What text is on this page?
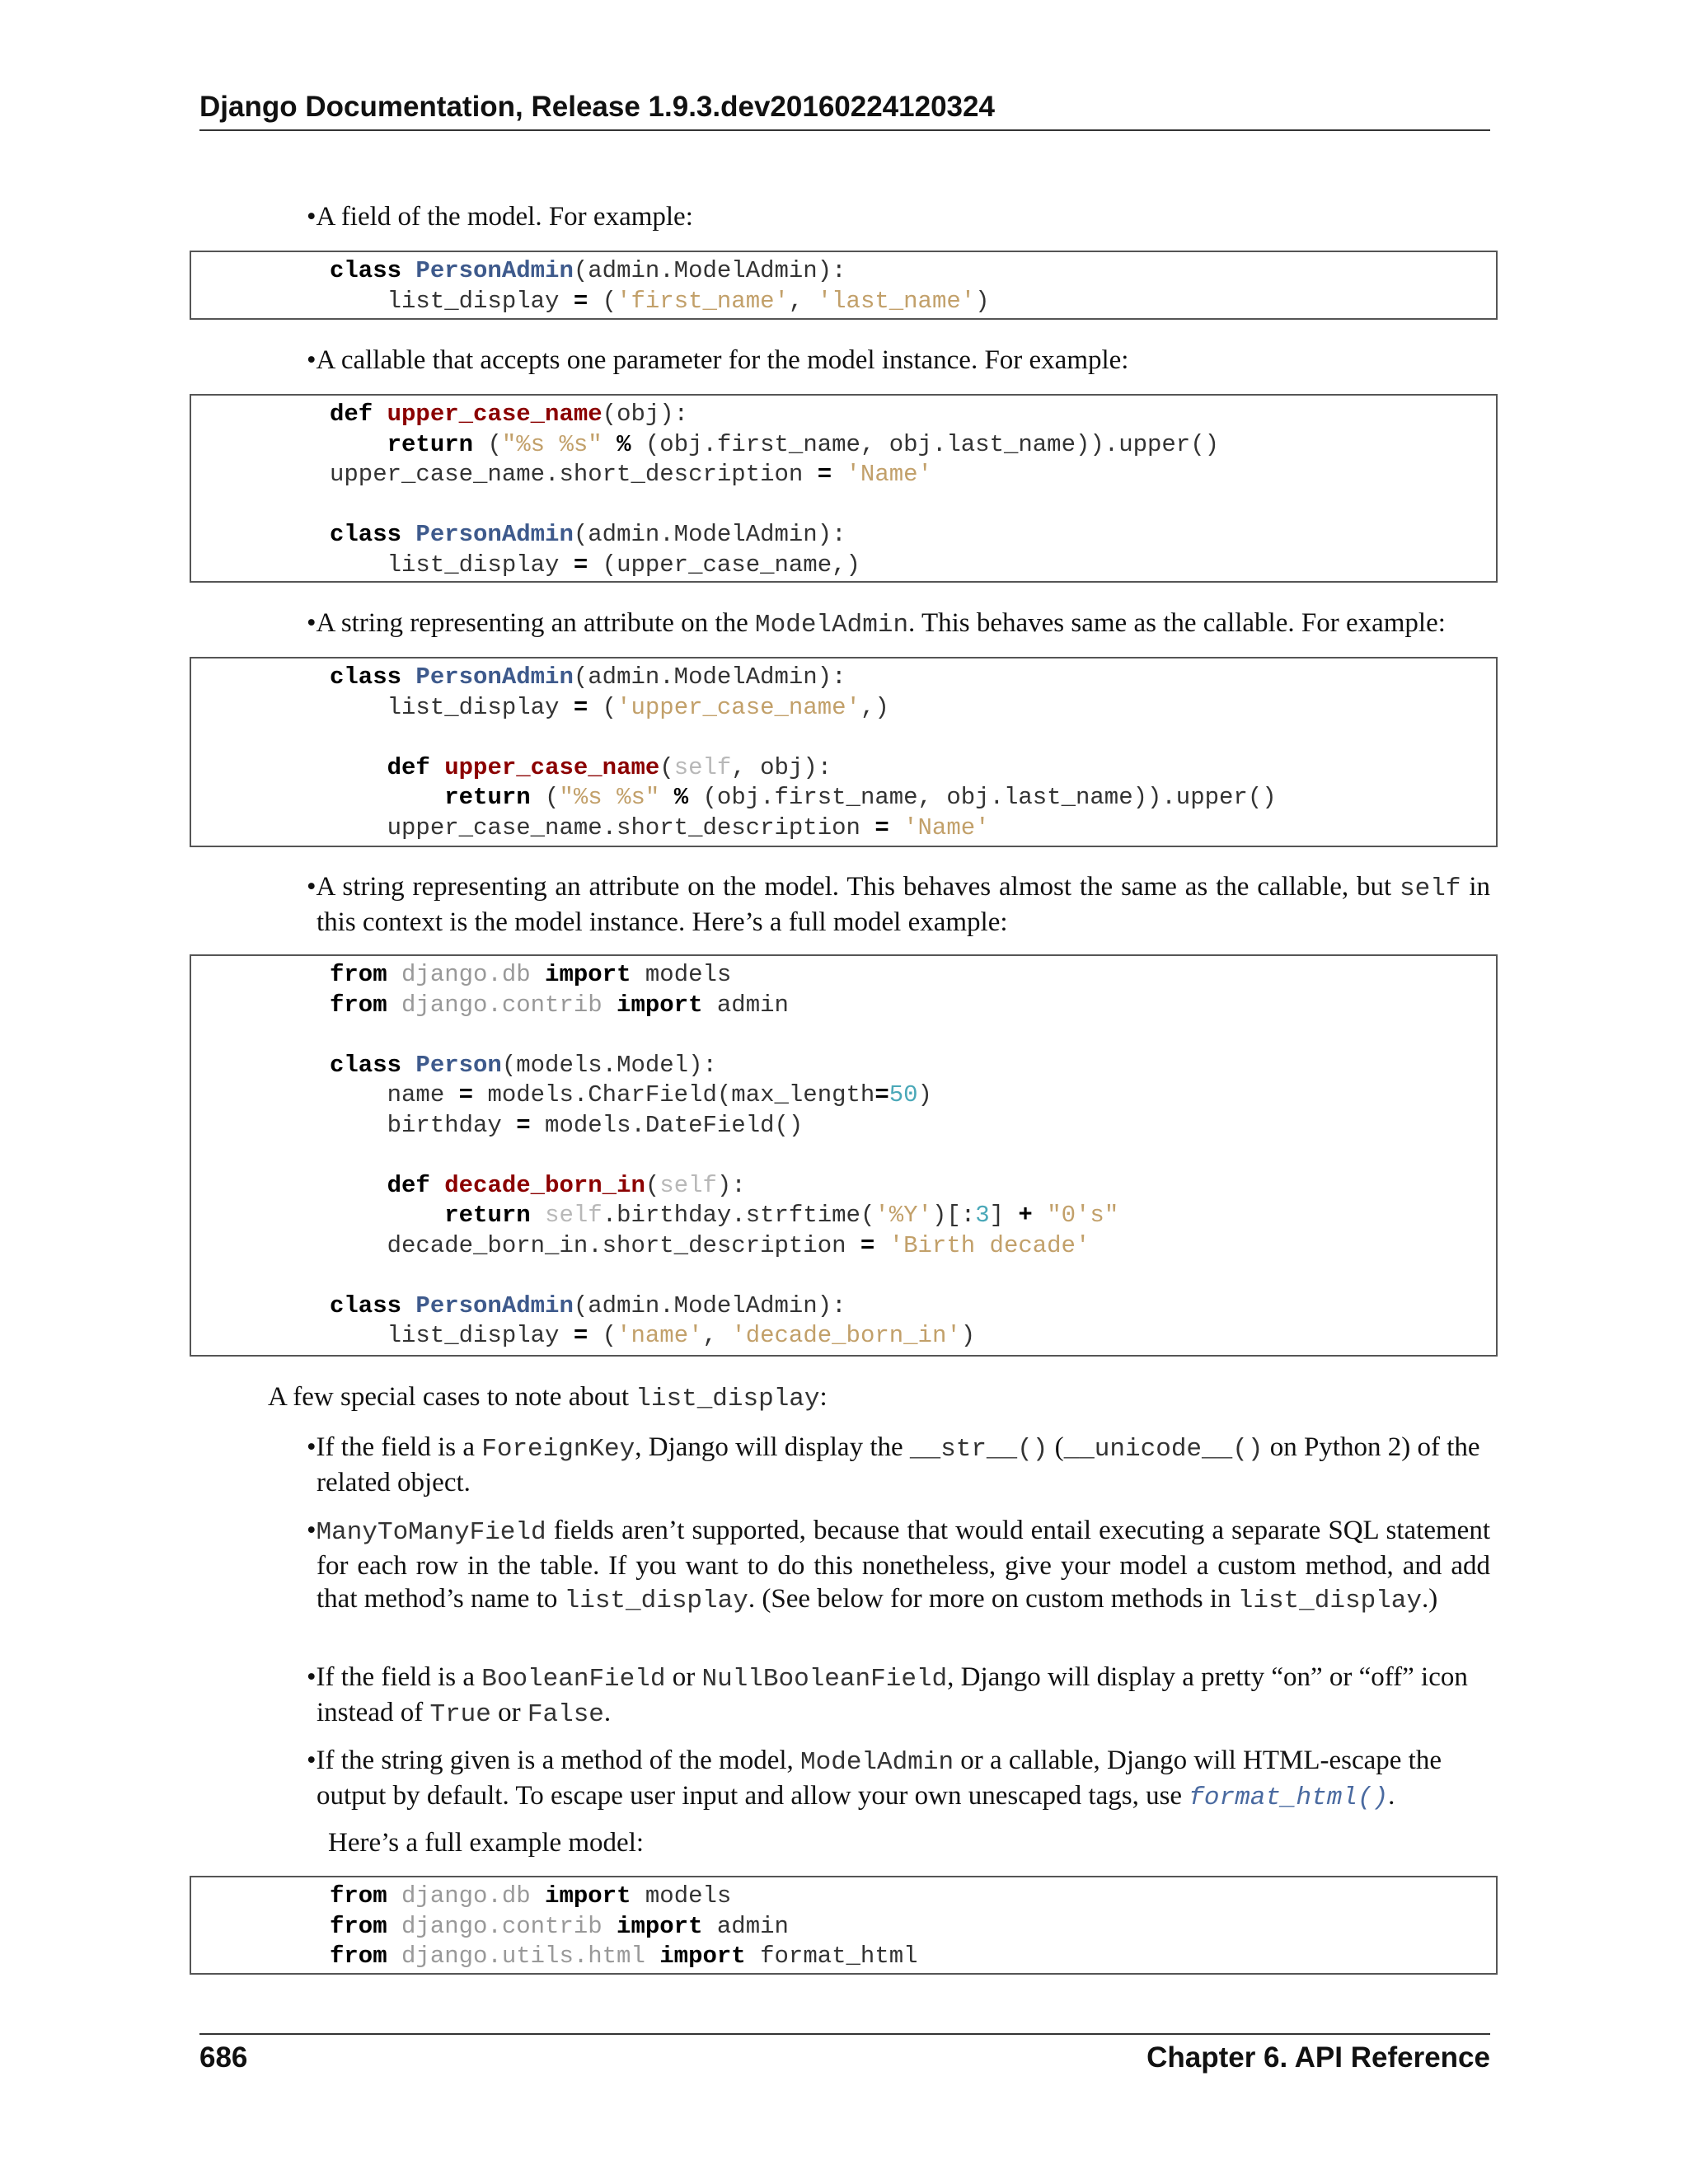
Django Documentation, Release 1.9.3.dev20160224120324
•A field of the model. For example:
class PersonAdmin(admin.ModelAdmin):
list_display = ('first_name', 'last_name')
•A callable that accepts one parameter for the model instance. For example:
def upper_case_name(obj):
return ("%s %s" % (obj.first_name, obj.last_name)).upper()
upper_case_name.short_description = 'Name'
class PersonAdmin(admin.ModelAdmin):
list_display = (upper_case_name,)
•A string representing an attribute on the ModelAdmin. This behaves same as the callable. For example:
class PersonAdmin(admin.ModelAdmin):
list_display = ('upper_case_name',)
def upper_case_name(self, obj):
return ("%s %s" % (obj.first_name, obj.last_name)).upper()
upper_case_name.short_description = 'Name'
•A string representing an attribute on the model. This behaves almost the same as the callable, but self in this context is the model instance. Here’s a full model example:
from django.db import models
from django.contrib import admin
class Person(models.Model):
name = models.CharField(max_length=50)
birthday = models.DateField()
def decade_born_in(self):
return self.birthday.strftime('%Y')[:3] + "0's"
decade_born_in.short_description = 'Birth decade'
class PersonAdmin(admin.ModelAdmin):
list_display = ('name', 'decade_born_in')
A few special cases to note about list_display:
•If the field is a ForeignKey, Django will display the __str__() (__unicode__() on Python 2) of the related object.
•ManyToManyField fields aren’t supported, because that would entail executing a separate SQL statement for each row in the table. If you want to do this nonetheless, give your model a custom method, and add that method’s name to list_display. (See below for more on custom methods in list_display.)
•If the field is a BooleanField or NullBooleanField, Django will display a pretty “on” or “off” icon instead of True or False.
•If the string given is a method of the model, ModelAdmin or a callable, Django will HTML-escape the output by default. To escape user input and allow your own unescaped tags, use format_html().
Here’s a full example model:
from django.db import models
from django.contrib import admin
from django.utils.html import format_html
686	Chapter 6. API Reference
